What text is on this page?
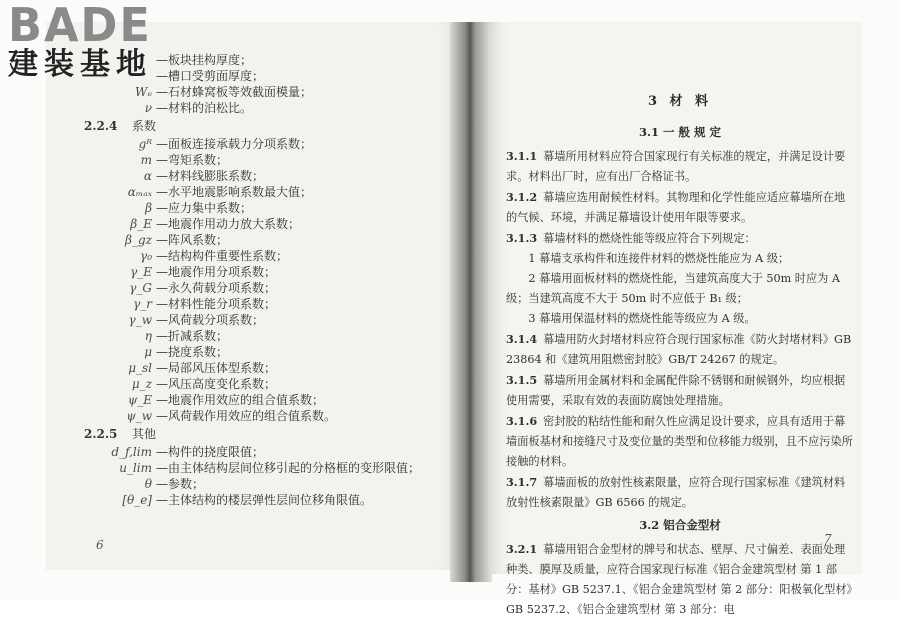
BADE
建装基地 —板块挂构厚度；
—槽口受剪面厚度；
Wₑ —石材蜂窝板等效截面模量；
ν —材料的泊松比。
2.2.4 系数
gᴿ —面板连接承载力分项系数；
m —弯矩系数；
α —材料线膨胀系数；
αₘₐₓ —水平地震影响系数最大值；
β —应力集中系数；
β_E —地震作用动力放大系数；
β_gz —阵风系数；
γ₀ —结构构件重要性系数；
γ_E —地震作用分项系数；
γ_G —永久荷载分项系数；
γ_r —材料性能分项系数；
γ_w —风荷载分项系数；
η —折减系数；
μ —挠度系数；
μ_sl —局部风压体型系数；
μ_z —风压高度变化系数；
ψ_E —地震作用效应的组合值系数；
ψ_w —风荷载作用效应的组合值系数。
2.2.5 其他
d_f,lim —构件的挠度限值；
u_lim —由主体结构层间位移引起的分格框的变形限值；
θ —参数；
[θ_e] —主体结构的楼层弹性层间位移角限值。
6
3 材 料
3.1 一 般 规 定

3.1.1 幕墙所用材料应符合国家现行有关标准的规定，并满足设计要求。材料出厂时，应有出厂合格证书。

3.1.2 幕墙应选用耐候性材料。其物理和化学性能应适应幕墙所在地的气候、环境，并满足幕墙设计使用年限等要求。

3.1.3 幕墙材料的燃烧性能等级应符合下列规定：

1 幕墙支承构件和连接件材料的燃烧性能应为 A 级；

2 幕墙用面板材料的燃烧性能，当建筑高度大于 50m 时应为 A 级；当建筑高度不大于 50m 时不应低于 B₁ 级；

3 幕墙用保温材料的燃烧性能等级应为 A 级。

3.1.4 幕墙用防火封堵材料应符合现行国家标准《防火封堵材料》GB 23864 和《建筑用阻燃密封胶》GB/T 24267 的规定。

3.1.5 幕墙所用金属材料和金属配件除不锈钢和耐候钢外，均应根据使用需要，采取有效的表面防腐蚀处理措施。

3.1.6 密封胶的粘结性能和耐久性应满足设计要求，应具有适用于幕墙面板基材和接缝尺寸及变位量的类型和位移能力级别，且不应污染所接触的材料。

3.1.7 幕墙面板的放射性核素限量，应符合现行国家标准《建筑材料放射性核素限量》GB 6566 的规定。

3.2 铝合金型材

3.2.1 幕墙用铝合金型材的牌号和状态、壁厚、尺寸偏差、表面处理种类、膜厚及质量，应符合国家现行标准《铝合金建筑型材 第 1 部分：基材》GB 5237.1、《铝合金建筑型材 第 2 部分：阳极氧化型材》GB 5237.2、《铝合金建筑型材 第 3 部分：电

7
